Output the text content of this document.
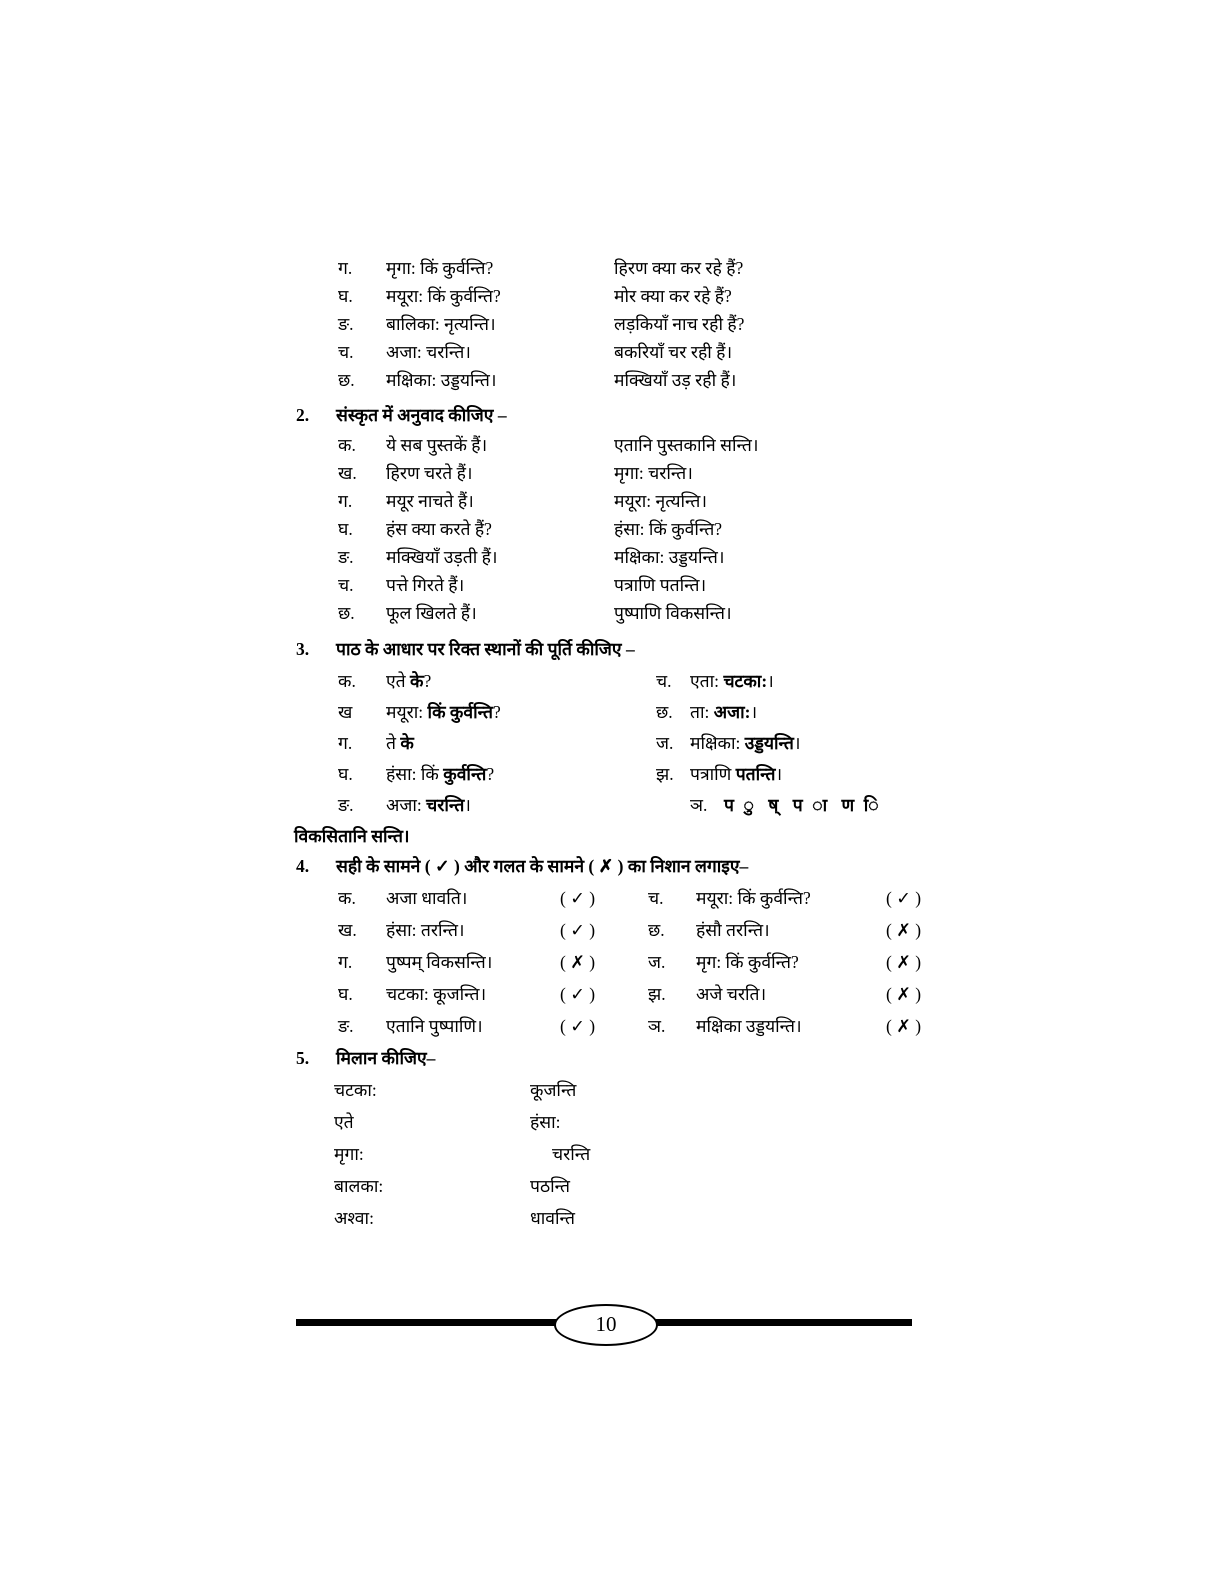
ग.	मृगा: किं कुर्वन्ति?	हिरण क्या कर रहे हैं?
घ.	मयूरा: किं कुर्वन्ति?	मोर क्या कर रहे हैं?
ङ.	बालिका: नृत्यन्ति।	लड़कियाँ नाच रही हैं?
च.	अजा: चरन्ति।	बकरियाँ चर रही हैं।
छ.	मक्षिका: उड्डयन्ति।	मक्खियाँ उड़ रही हैं।
2.	संस्कृत में अनुवाद कीजिए –
क.	ये सब पुस्तकें हैं।	एतानि पुस्तकानि सन्ति।
ख.	हिरण चरते हैं।	मृगा: चरन्ति।
ग.	मयूर नाचते हैं।	मयूरा: नृत्यन्ति।
घ.	हंस क्या करते हैं?	हंसा: किं कुर्वन्ति?
ङ.	मक्खियाँ उड़ती हैं।	मक्षिका: उड्डयन्ति।
च.	पत्ते गिरते हैं।	पत्राणि पतन्ति।
छ.	फूल खिलते हैं।	पुष्पाणि विकसन्ति।
3.	पाठ के आधार पर रिक्त स्थानों की पूर्ति कीजिए –
क.	एते के?	च.	एता: चटका:।
ख	मयूरा: किं कुर्वन्ति?	छ. ता: अजा:।
ग.	ते के	ज. मक्षिका: उड्डयन्ति।
घ.	हंसा: किं कुर्वन्ति?	झ. पत्राणि पतन्ति।
ङ.	अजा: चरन्ति।	ञ. प ु ष् प ा ण ि
विकसितानि सन्ति।
4.	सही के सामने ( ✓ ) और गलत के सामने ( ✗ ) का निशान लगाइए–
क.	अजा धावति।	( ✓ )	च.	मयूरा: किं कुर्वन्ति?	( ✓ )
ख.	हंसा: तरन्ति।	( ✓ )	छ.	हंसौ तरन्ति।	( ✗ )
ग.	पुष्पम् विकसन्ति।	( ✗ )	ज.	मृग: किं कुर्वन्ति?	( ✗ )
घ.	चटका: कूजन्ति।	( ✓ )	झ.	अजे चरति।	( ✗ )
ङ.	एतानि पुष्पाणि।	( ✓ )	ञ.	मक्षिका उड्डयन्ति।	( ✗ )
5.	मिलान कीजिए–
चटका:	कूजन्ति
एते	हंसा:
मृगा:	चरन्ति
बालका:	पठन्ति
अश्वा:	धावन्ति
10
